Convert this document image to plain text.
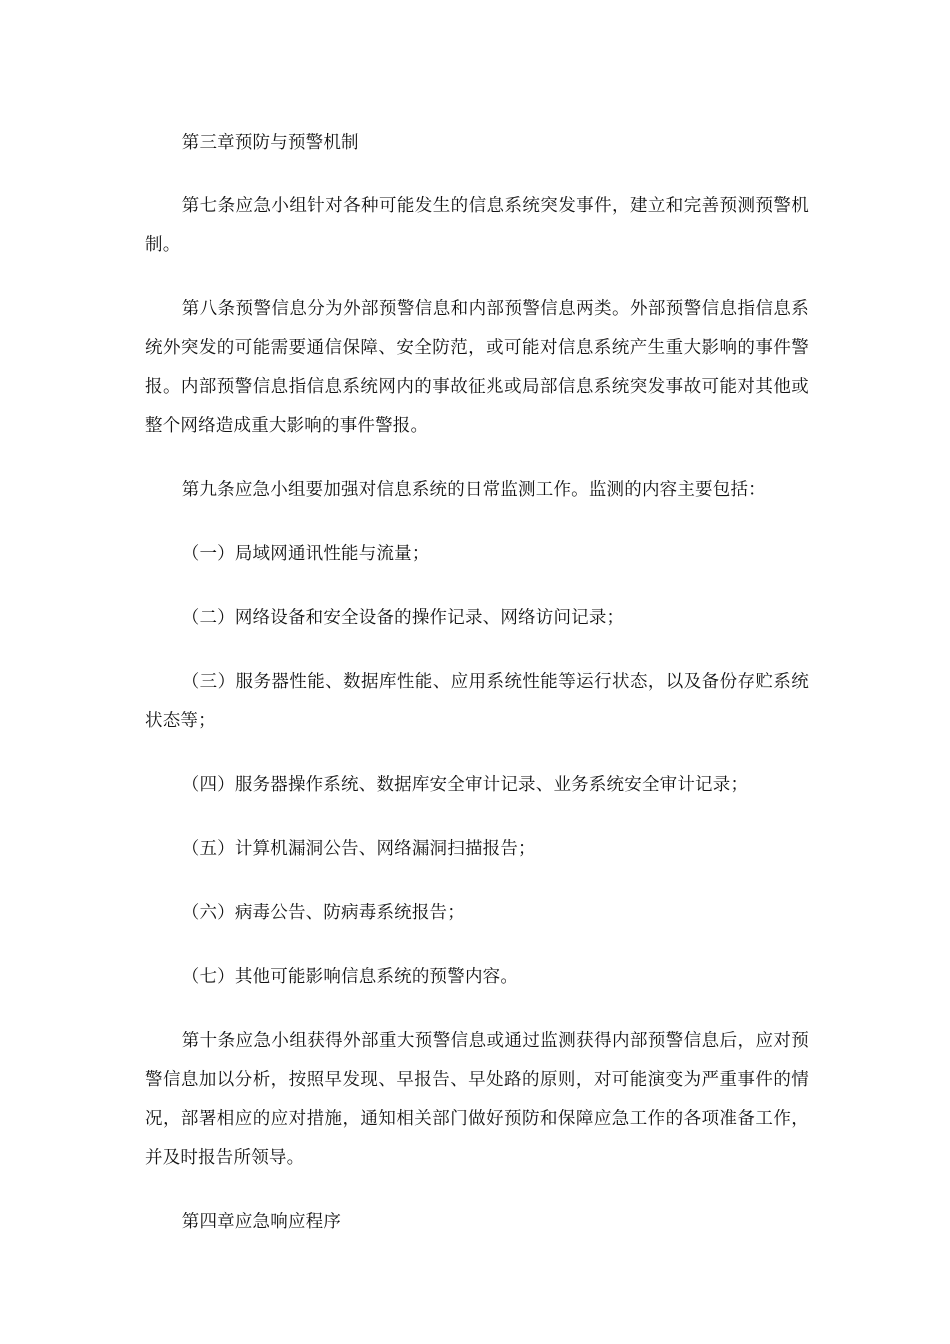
第三章预防与预警机制

第七条应急小组针对各种可能发生的信息系统突发事件，建立和完善预测预警机制。

第八条预警信息分为外部预警信息和内部预警信息两类。外部预警信息指信息系统外突发的可能需要通信保障、安全防范，或可能对信息系统产生重大影响的事件警报。内部预警信息指信息系统网内的事故征兆或局部信息系统突发事故可能对其他或整个网络造成重大影响的事件警报。

第九条应急小组要加强对信息系统的日常监测工作。监测的内容主要包括：

（一）局域网通讯性能与流量；

（二）网络设备和安全设备的操作记录、网络访问记录；

（三）服务器性能、数据库性能、应用系统性能等运行状态，以及备份存贮系统状态等；

（四）服务器操作系统、数据库安全审计记录、业务系统安全审计记录；

（五）计算机漏洞公告、网络漏洞扫描报告；

（六）病毒公告、防病毒系统报告；

（七）其他可能影响信息系统的预警内容。

第十条应急小组获得外部重大预警信息或通过监测获得内部预警信息后，应对预警信息加以分析，按照早发现、早报告、早处路的原则，对可能演变为严重事件的情况，部署相应的应对措施，通知相关部门做好预防和保障应急工作的各项准备工作，并及时报告所领导。

第四章应急响应程序
